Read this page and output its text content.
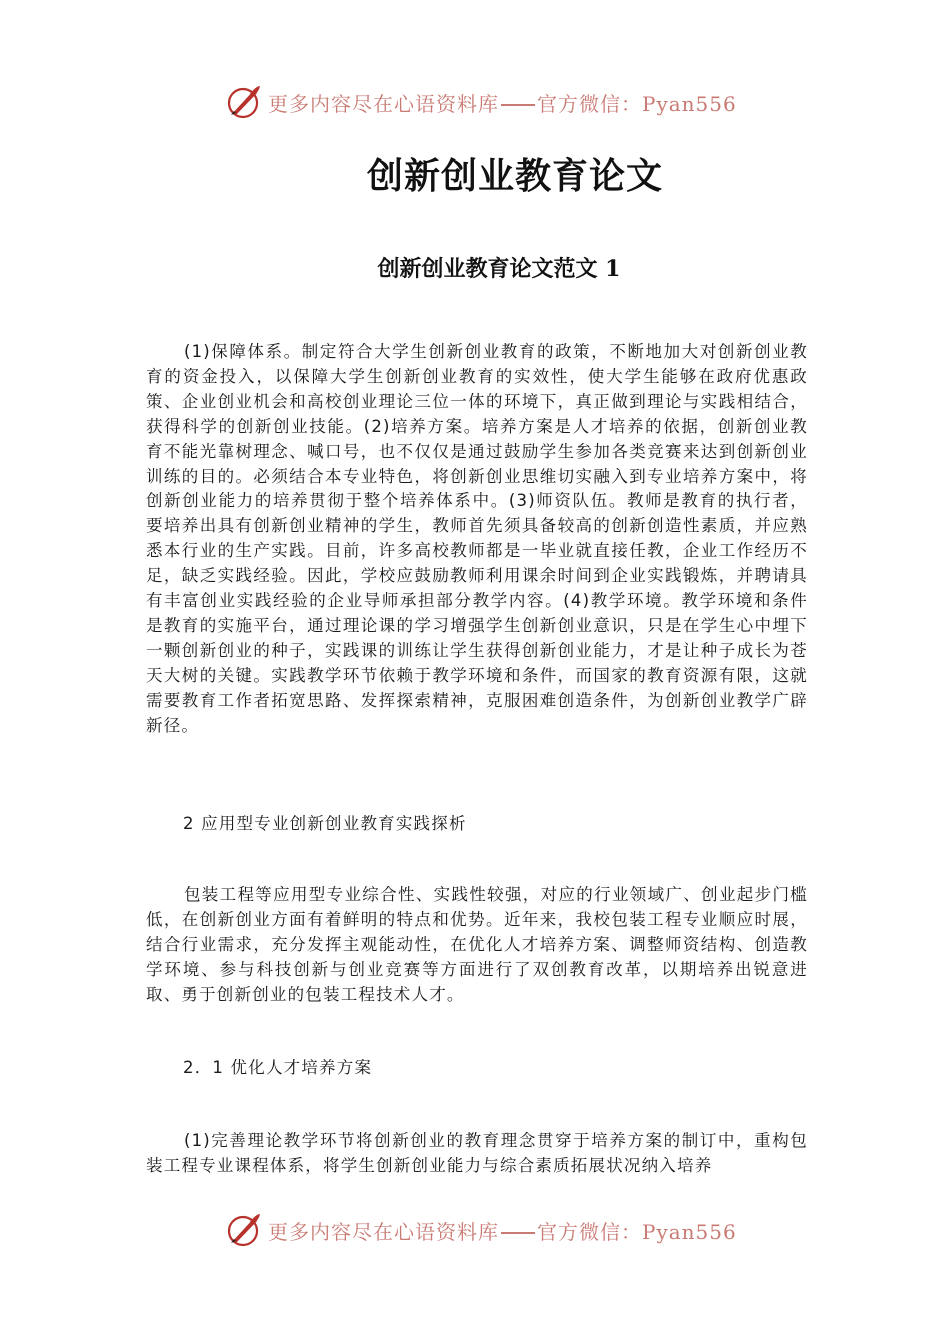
更多内容尽在心语资料库 官方微信：Pyan556
创新创业教育论文
创新创业教育论文范文 1

(1)保障体系。制定符合大学生创新创业教育的政策，不断地加大对创新创业教育的资金投入，以保障大学生创新创业教育的实效性，使大学生能够在政府优惠政策、企业创业机会和高校创业理论三位一体的环境下，真正做到理论与实践相结合，获得科学的创新创业技能。(2)培养方案。培养方案是人才培养的依据，创新创业教育不能光靠树理念、喊口号，也不仅仅是通过鼓励学生参加各类竞赛来达到创新创业训练的目的。必须结合本专业特色，将创新创业思维切实融入到专业培养方案中，将创新创业能力的培养贯彻于整个培养体系中。(3)师资队伍。教师是教育的执行者，要培养出具有创新创业精神的学生，教师首先须具备较高的创新创造性素质，并应熟悉本行业的生产实践。目前，许多高校教师都是一毕业就直接任教，企业工作经历不足，缺乏实践经验。因此，学校应鼓励教师利用课余时间到企业实践锻炼，并聘请具有丰富创业实践经验的企业导师承担部分教学内容。(4)教学环境。教学环境和条件是教育的实施平台，通过理论课的学习增强学生创新创业意识，只是在学生心中埋下一颗创新创业的种子，实践课的训练让学生获得创新创业能力，才是让种子成长为苍天大树的关键。实践教学环节依赖于教学环境和条件，而国家的教育资源有限，这就需要教育工作者拓宽思路、发挥探索精神，克服困难创造条件，为创新创业教学广辟新径。

2 应用型专业创新创业教育实践探析

包装工程等应用型专业综合性、实践性较强，对应的行业领域广、创业起步门槛低，在创新创业方面有着鲜明的特点和优势。近年来，我校包装工程专业顺应时展，结合行业需求，充分发挥主观能动性，在优化人才培养方案、调整师资结构、创造教学环境、参与科技创新与创业竞赛等方面进行了双创教育改革，以期培养出锐意进取、勇于创新创业的包装工程技术人才。

2．1 优化人才培养方案

(1)完善理论教学环节将创新创业的教育理念贯穿于培养方案的制订中，重构包装工程专业课程体系，将学生创新创业能力与综合素质拓展状况纳入培养

更多内容尽在心语资料库 官方微信：Pyan556
